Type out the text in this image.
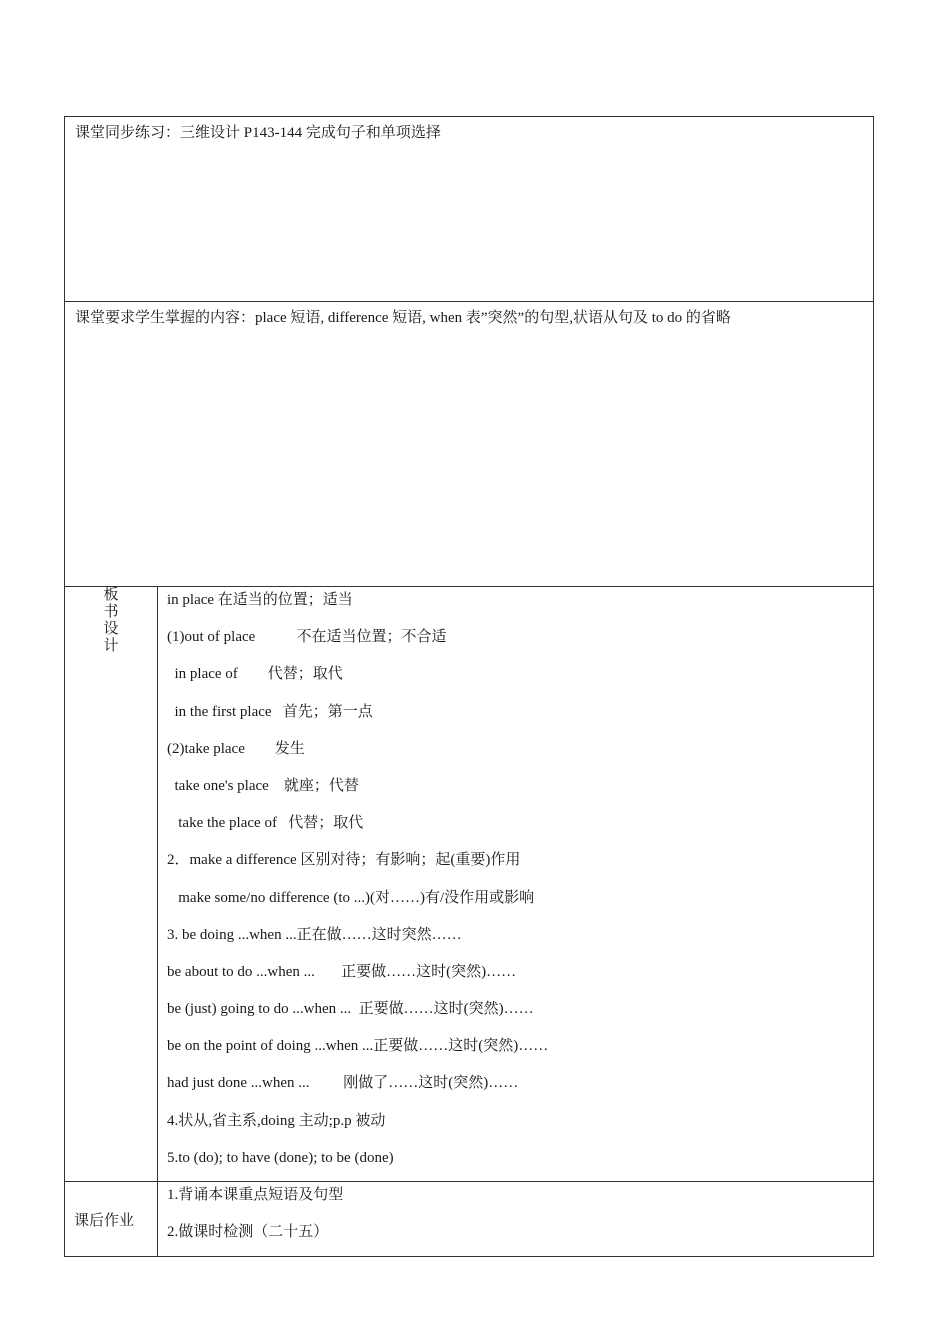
课堂同步练习：三维设计 P143-144 完成句子和单项选择
课堂要求学生掌握的内容：place 短语, difference 短语, when 表”突然”的句型,状语从句及 to do 的省略
板
书
设
计
in place 在适当的位置；适当
(1)out of place           不在适当位置；不合适
in place of        代替；取代
in the first place   首先；第一点
(2)take place        发生
take one's place    就座；代替
take the place of   代替；取代
2．make a difference 区别对待；有影响；起(重要)作用
make some/no difference (to ...)(对……)有/没作用或影响
3. be doing ...when ...正在做……这时突然……
be about to do ...when ...       正要做……这时(突然)……
be (just) going to do ...when ...  正要做……这时(突然)……
be on the point of doing ...when ...正要做……这时(突然)……
had just done ...when ...         刚做了……这时(突然)……
4.状从,省主系,doing 主动;p.p 被动
5.to (do); to have (done); to be (done)
课后作业
1.背诵本课重点短语及句型
2.做课时检测（二十五）
